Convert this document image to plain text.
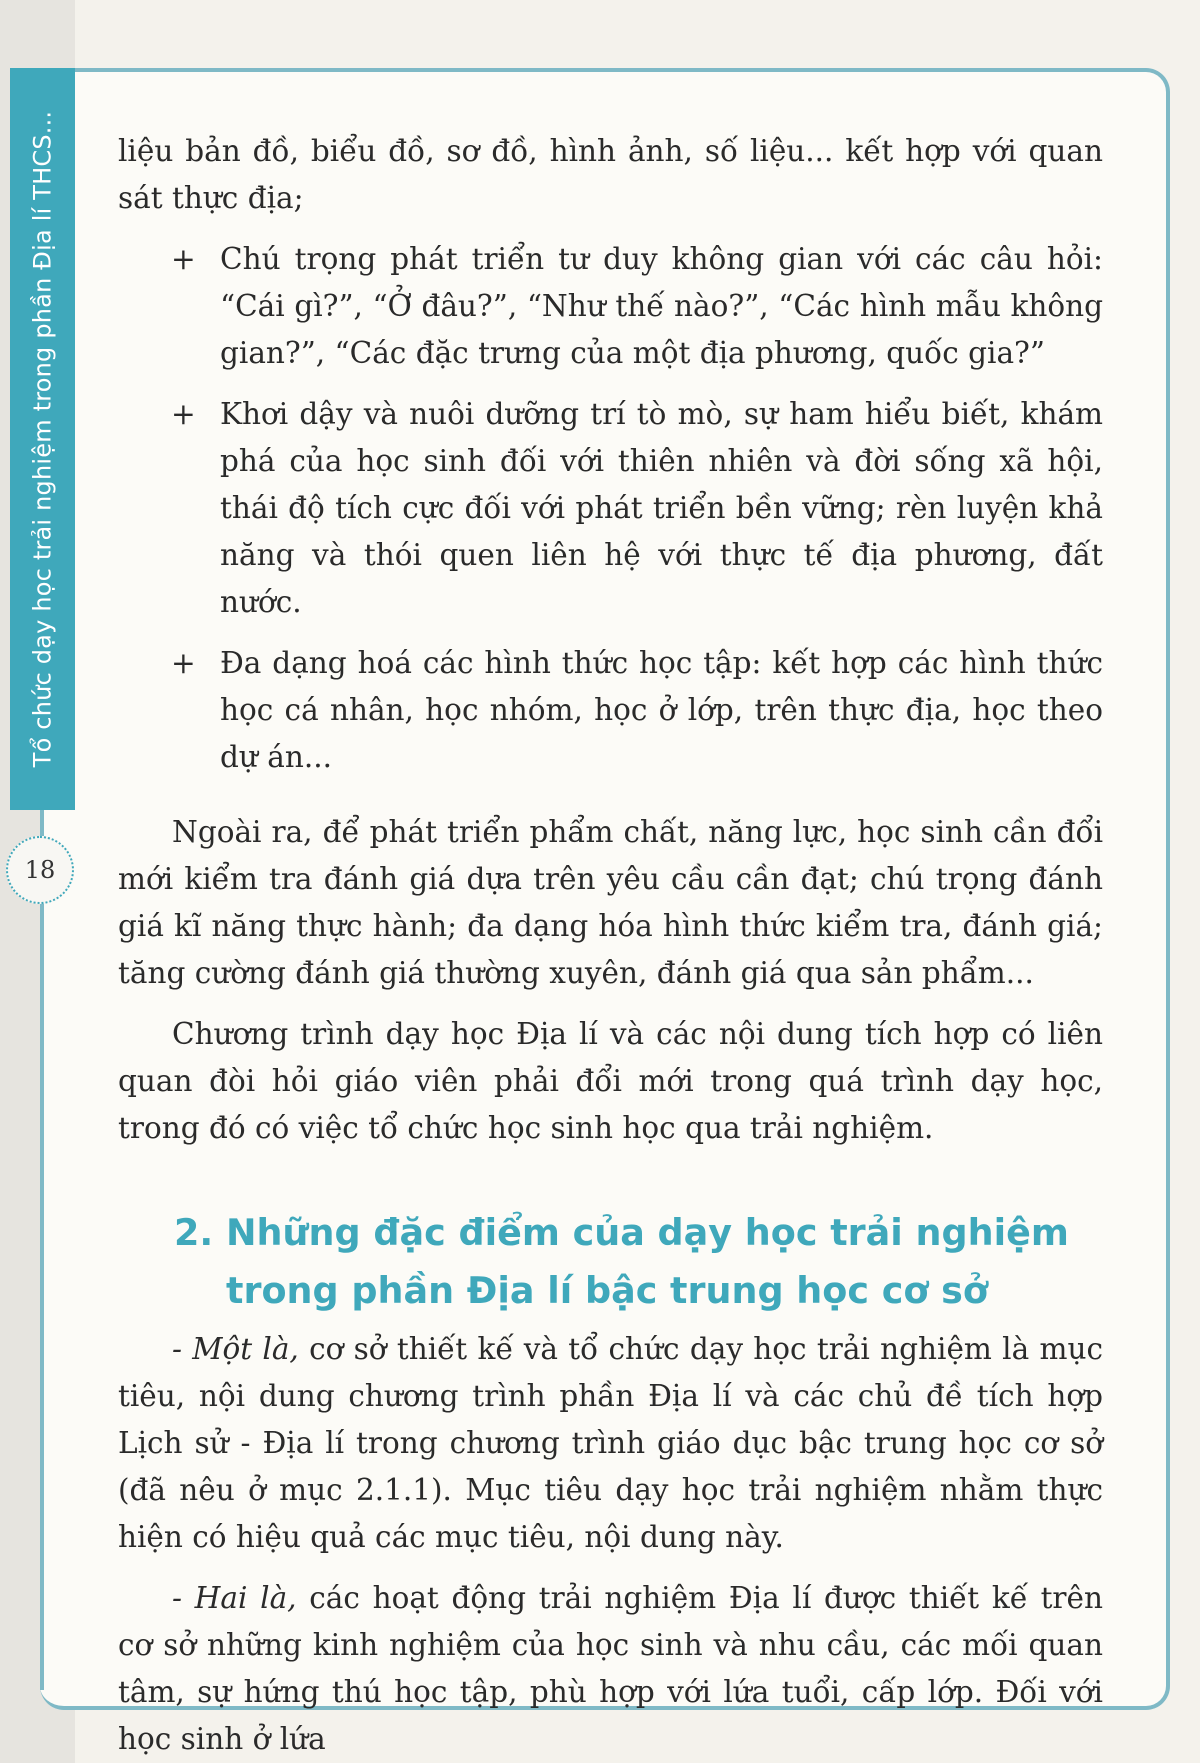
Tổ chức dạy học trải nghiệm trong phần Địa lí THCS...
18

liệu bản đồ, biểu đồ, sơ đồ, hình ảnh, số liệu... kết hợp với quan sát thực địa;

+ Chú trọng phát triển tư duy không gian với các câu hỏi: “Cái gì?”, “Ở đâu?”, “Như thế nào?”, “Các hình mẫu không gian?”, “Các đặc trưng của một địa phương, quốc gia?”

+ Khơi dậy và nuôi dưỡng trí tò mò, sự ham hiểu biết, khám phá của học sinh đối với thiên nhiên và đời sống xã hội, thái độ tích cực đối với phát triển bền vững; rèn luyện khả năng và thói quen liên hệ với thực tế địa phương, đất nước.

+ Đa dạng hoá các hình thức học tập: kết hợp các hình thức học cá nhân, học nhóm, học ở lớp, trên thực địa, học theo dự án...

Ngoài ra, để phát triển phẩm chất, năng lực, học sinh cần đổi mới kiểm tra đánh giá dựa trên yêu cầu cần đạt; chú trọng đánh giá kĩ năng thực hành; đa dạng hóa hình thức kiểm tra, đánh giá; tăng cường đánh giá thường xuyên, đánh giá qua sản phẩm...

Chương trình dạy học Địa lí và các nội dung tích hợp có liên quan đòi hỏi giáo viên phải đổi mới trong quá trình dạy học, trong đó có việc tổ chức học sinh học qua trải nghiệm.

2. Những đặc điểm của dạy học trải nghiệm
trong phần Địa lí bậc trung học cơ sở

- Một là, cơ sở thiết kế và tổ chức dạy học trải nghiệm là mục tiêu, nội dung chương trình phần Địa lí và các chủ đề tích hợp Lịch sử - Địa lí trong chương trình giáo dục bậc trung học cơ sở (đã nêu ở mục 2.1.1). Mục tiêu dạy học trải nghiệm nhằm thực hiện có hiệu quả các mục tiêu, nội dung này.

- Hai là, các hoạt động trải nghiệm Địa lí được thiết kế trên cơ sở những kinh nghiệm của học sinh và nhu cầu, các mối quan tâm, sự hứng thú học tập, phù hợp với lứa tuổi, cấp lớp. Đối với học sinh ở lứa
